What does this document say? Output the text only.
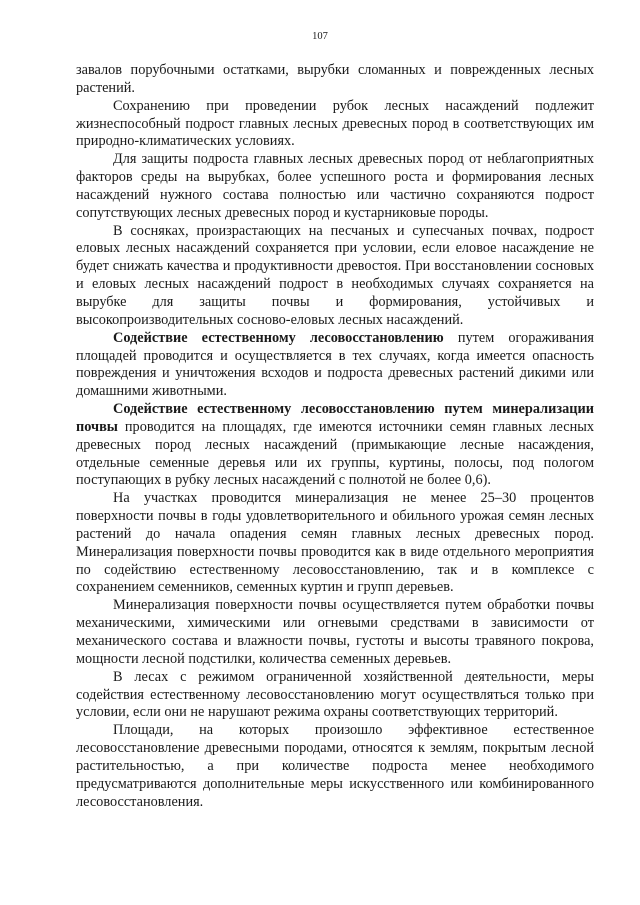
107

завалов порубочными остатками, вырубки сломанных и поврежденных лесных растений.

Сохранению при проведении рубок лесных насаждений подлежит жизнеспособный подрост главных лесных древесных пород в соответствующих им природно-климатических условиях.

Для защиты подроста главных лесных древесных пород от неблагоприятных факторов среды на вырубках, более успешного роста и формирования лесных насаждений нужного состава полностью или частично сохраняются подрост сопутствующих лесных древесных пород и кустарниковые породы.

В сосняках, произрастающих на песчаных и супесчаных почвах, подрост еловых лесных насаждений сохраняется при условии, если еловое насаждение не будет снижать качества и продуктивности древостоя. При восстановлении сосновых и еловых лесных насаждений подрост в необходимых случаях сохраняется на вырубке для защиты почвы и формирования, устойчивых и высокопроизводительных сосново-еловых лесных насаждений.

Содействие естественному лесовосстановлению путем огораживания площадей проводится и осуществляется в тех случаях, когда имеется опасность повреждения и уничтожения всходов и подроста древесных растений дикими или домашними животными.

Содействие естественному лесовосстановлению путем минерализации почвы проводится на площадях, где имеются источники семян главных лесных древесных пород лесных насаждений (примыкающие лесные насаждения, отдельные семенные деревья или их группы, куртины, полосы, под пологом поступающих в рубку лесных насаждений с полнотой не более 0,6).

На участках проводится минерализация не менее 25–30 процентов поверхности почвы в годы удовлетворительного и обильного урожая семян лесных растений до начала опадения семян главных лесных древесных пород. Минерализация поверхности почвы проводится как в виде отдельного мероприятия по содействию естественному лесовосстановлению, так и в комплексе с сохранением семенников, семенных куртин и групп деревьев.

Минерализация поверхности почвы осуществляется путем обработки почвы механическими, химическими или огневыми средствами в зависимости от механического состава и влажности почвы, густоты и высоты травяного покрова, мощности лесной подстилки, количества семенных деревьев.

В лесах с режимом ограниченной хозяйственной деятельности, меры содействия естественному лесовосстановлению могут осуществляться только при условии, если они не нарушают режима охраны соответствующих территорий.

Площади, на которых произошло эффективное естественное лесовосстановление древесными породами, относятся к землям, покрытым лесной растительностью, а при количестве подроста менее необходимого предусматриваются дополнительные меры искусственного или комбинированного лесовосстановления.
